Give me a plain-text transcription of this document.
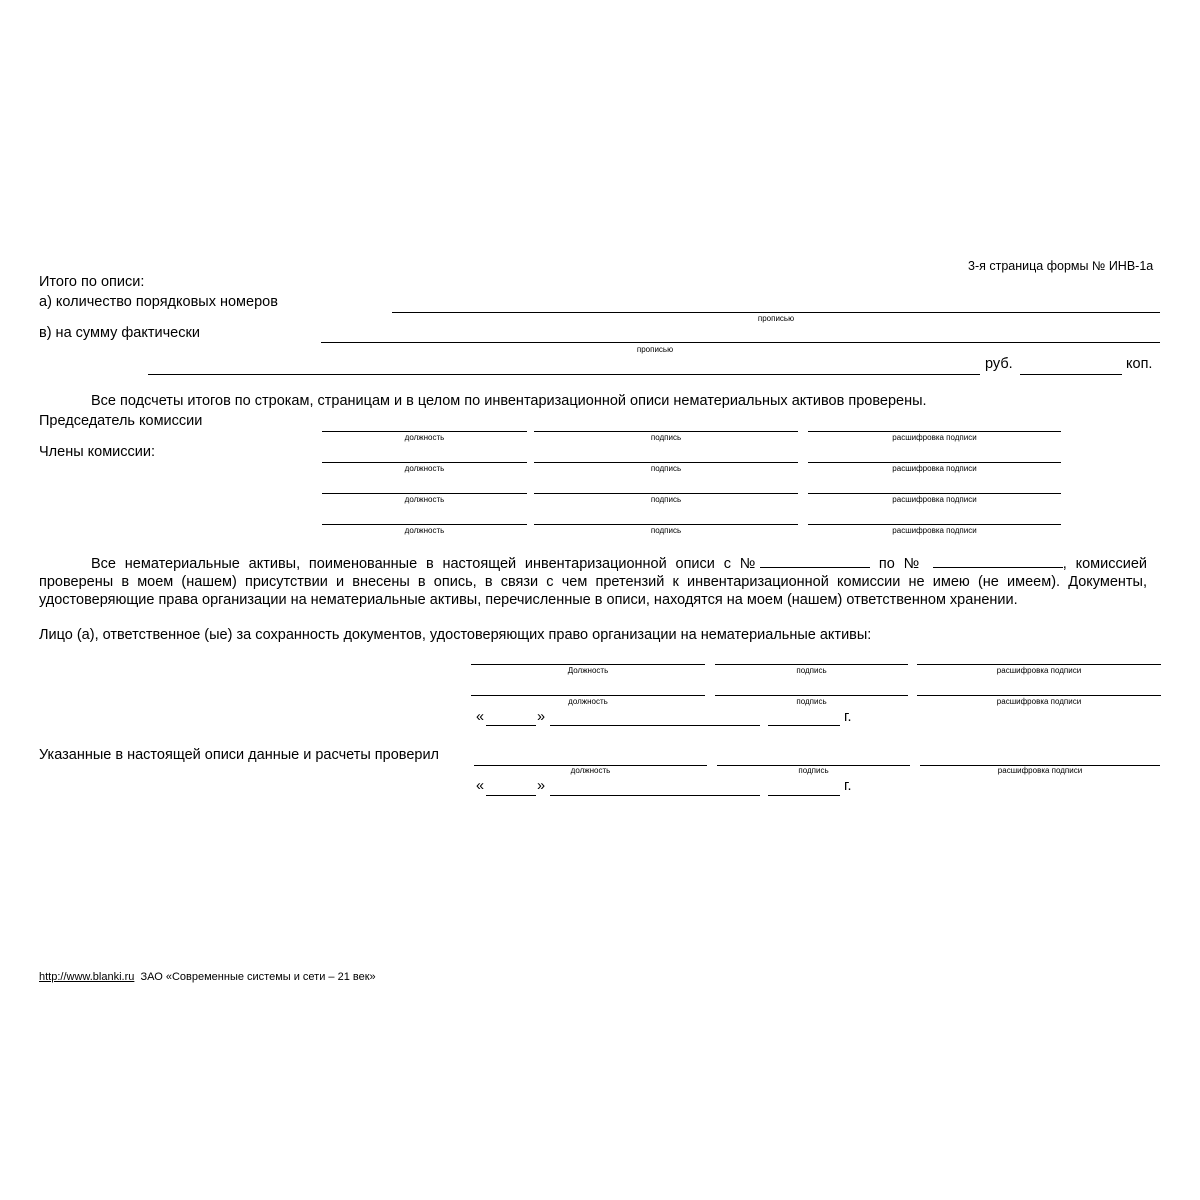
3-я страница формы № ИНВ-1а
Итого по описи:
а) количество порядковых номеров
прописью
в) на сумму фактически
прописью
руб.	коп.
Все подсчеты итогов по строкам, страницам и в целом по инвентаризационной описи нематериальных активов проверены.
Председатель комиссии
Члены комиссии:
должность	подпись	расшифровка подписи
должность	подпись	расшифровка подписи
должность	подпись	расшифровка подписи
должность	подпись	расшифровка подписи
Все нематериальные активы, поименованные в настоящей инвентаризационной описи с №	по №	, комиссией проверены в моем (нашем) присутствии и внесены в опись, в связи с чем претензий к инвентаризационной комиссии не имею (не имеем). Документы, удостоверяющие права организации на нематериальные активы, перечисленные в описи, находятся на моем (нашем) ответственном хранении.
Лицо (а), ответственное (ые) за сохранность документов, удостоверяющих право организации на нематериальные активы:
Должность	подпись	расшифровка подписи
должность	подпись	расшифровка подписи
«	»	г.
Указанные в настоящей описи данные и расчеты проверил
должность	подпись	расшифровка подписи
«	»	г.
http://www.blanki.ru ЗАО «Современные системы и сети – 21 век»
